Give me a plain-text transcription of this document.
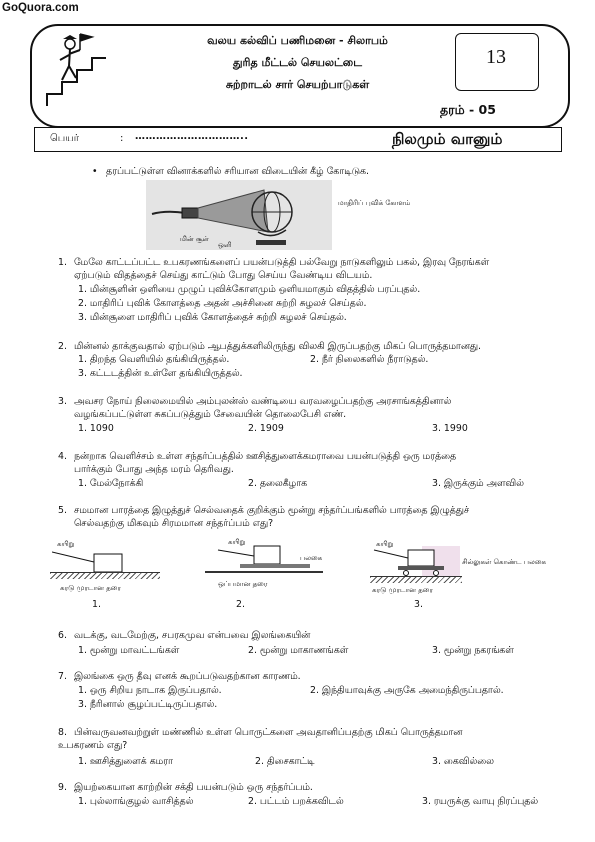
GoQuora.com
வலய கல்விப் பணிமனை - சிலாபம்
துரித மீட்டல் செயலட்டை
சுற்றாடல் சார் செயற்பாடுகள்
13
தரம் - 05
பெயர்	: …………………………..	நிலமும் வானும்
• தரப்பட்டுள்ள வினாக்களில் சரியான விடையின் கீழ் கோடிடுக.
மாதிரிப் புவிக் கோளம்
மின் சூள்
ஒளி
1. மேலே காட்டப்பட்ட உபகரணங்களைப் பயன்படுத்தி பல்வேறு நாடுகளிலும் பகல், இரவு நேரங்கள்
ஏற்படும் விதத்தைச் செய்து காட்டும் போது செய்ய வேண்டிய விடயம்.
1. மின்சூளின் ஒளியை முழுப் புவிக்கோளமும் ஒளியமாகும் விதத்தில் பரப்புதல்.
2. மாதிரிப் புவிக் கோளத்தை அதன் அச்சினை சுற்றி சுழலச் செய்தல்.
3. மின்சூளை மாதிரிப் புவிக் கோளத்தைச் சுற்றி சுழலச் செய்தல்.
2. மின்னல் தாக்குவதால் ஏற்படும் ஆபத்துக்களிலிருந்து விலகி இருப்பதற்கு மிகப் பொருத்தமானது.
1. திறந்த வெளியில் தங்கியிருத்தல்.	2. நீர் நிலைகளில் நீராடுதல்.
3. கட்டடத்தின் உள்ளே தங்கியிருத்தல்.
3. அவசர நோய் நிலைமையில் அம்புலன்ஸ் வண்டியை வரவழைப்பதற்கு அரசாங்கத்தினால்
வழங்கப்பட்டுள்ள சுகப்படுத்தும் சேவையின் தொலைபேசி எண்.
1. 1090	2. 1909	3. 1990
4. நன்றாக வெளிச்சம் உள்ள சந்தர்ப்பத்தில் ஊசித்துளைக்கமராவை பயன்படுத்தி ஒரு மரத்தை
பார்க்கும் போது அந்த மரம் தெரிவது.
1. மேல்நோக்கி	2. தலைகீழாக	3. இருக்கும் அளவில்
5. சமமான பாரத்தை இழுத்துச் செல்வதைக் குறிக்கும் மூன்று சந்தர்ப்பங்களில் பாரத்தை இழுத்துச்
செல்வதற்கு மிகவும் சிரமமான சந்தர்ப்பம் எது?
கயிறு
கரடு முரடான தரை
1.
கயிறு
பலகை
ஒப்பமான தரை
2.
கயிறு
சில்லுகள் கொண்ட பலகை
கரடு முரடான தரை
3.
6. வடக்கு, வடமேற்கு, சபரகமுவ என்பவை இலங்கையின்
1. மூன்று மாவட்டங்கள்	2. மூன்று மாகாணங்கள்	3. மூன்று நகரங்கள்
7. இலங்கை ஒரு தீவு எனக் கூறப்படுவதற்கான காரணம்.
1. ஒரு சிறிய நாடாக இருப்பதால்.	2. இந்தியாவுக்கு அருகே அமைந்திருப்பதால்.
3. நீரினால் சூழப்பட்டிருப்பதால்.
8. பின்வருவனவற்றுள் மண்ணில் உள்ள பொருட்களை அவதானிப்பதற்கு மிகப் பொருத்தமான
உபகரணம் எது?
1. ஊசித்துளைக் கமரா	2. திசைகாட்டி	3. கைவில்லை
9. இயற்கையான காற்றின் சக்தி பயன்படும் ஒரு சந்தர்ப்பம்.
1. புல்லாங்குழல் வாசித்தல்	2. பட்டம் பறக்கவிடல்	3. ரயருக்கு வாயு நிரப்புதல்
